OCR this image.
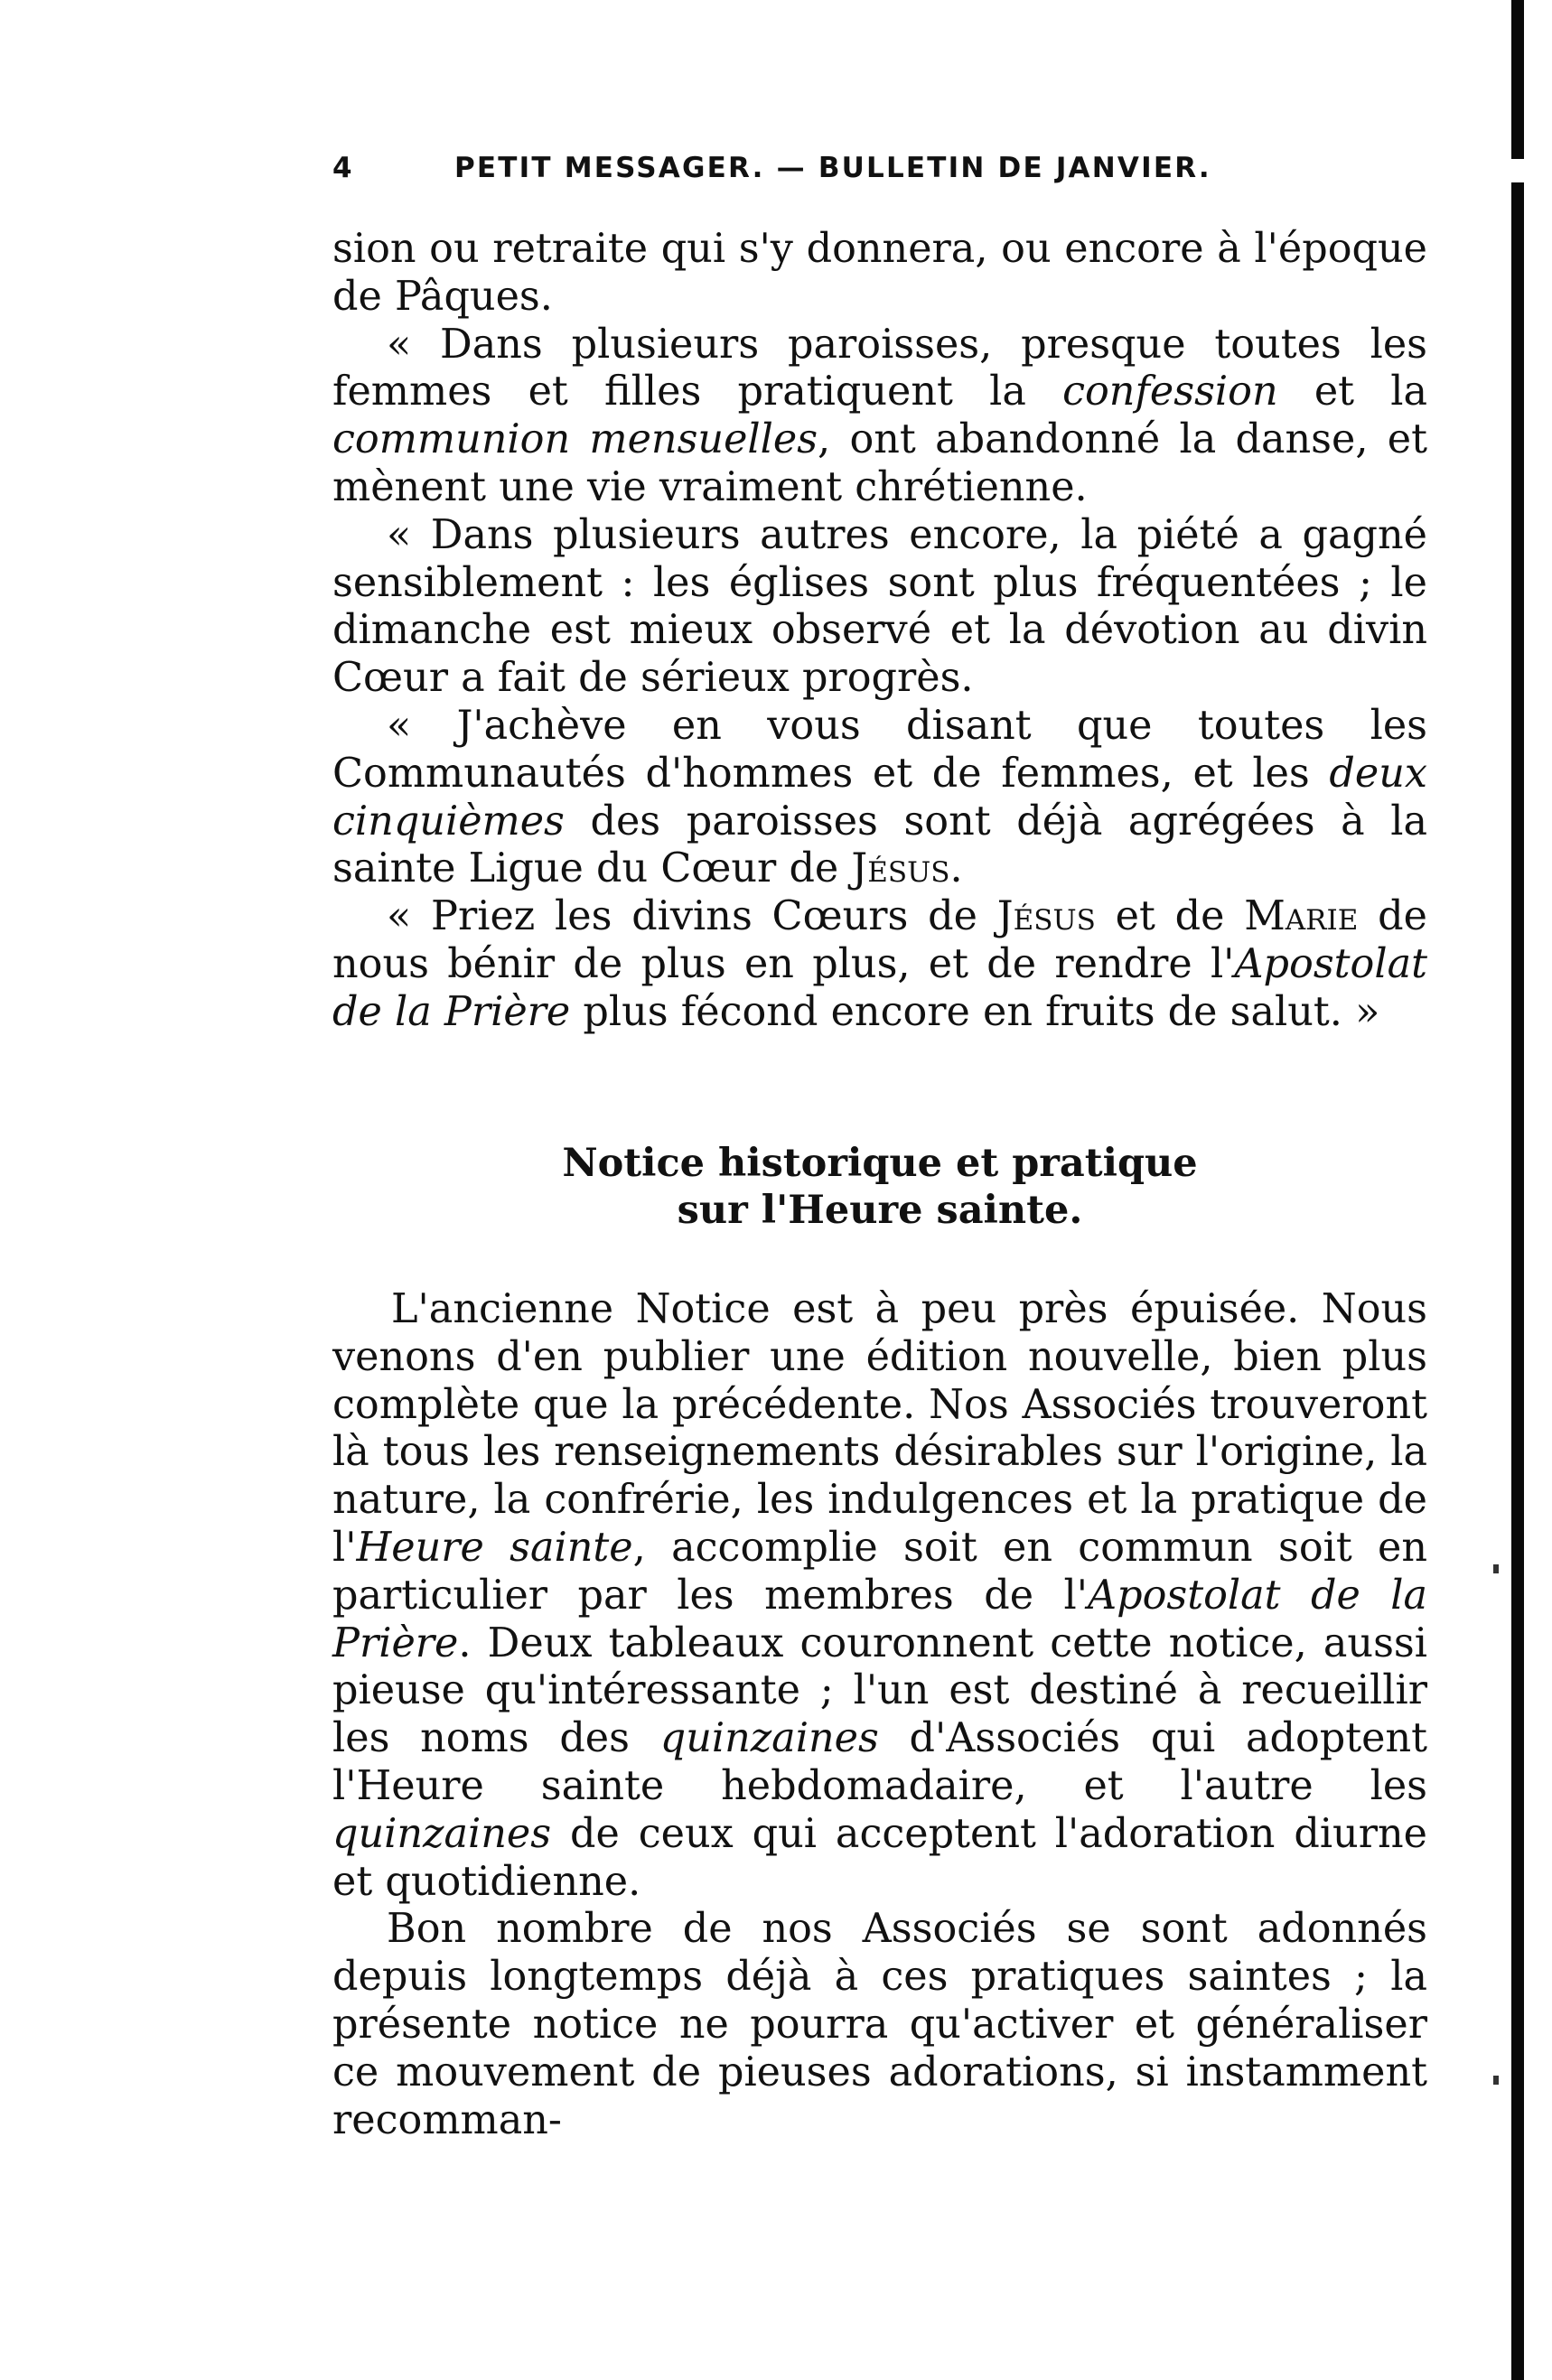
4	PETIT MESSAGER. — BULLETIN DE JANVIER.

sion ou retraite qui s'y donnera, ou encore à l'époque de Pâques.

« Dans plusieurs paroisses, presque toutes les femmes et filles pratiquent la confession et la communion mensuelles, ont abandonné la danse, et mènent une vie vraiment chrétienne.

« Dans plusieurs autres encore, la piété a gagné sensiblement : les églises sont plus fréquentées ; le dimanche est mieux observé et la dévotion au divin Cœur a fait de sérieux progrès.

« J'achève en vous disant que toutes les Communautés d'hommes et de femmes, et les deux cinquièmes des paroisses sont déjà agrégées à la sainte Ligue du Cœur de Jésus.

« Priez les divins Cœurs de Jésus et de Marie de nous bénir de plus en plus, et de rendre l'Apostolat de la Prière plus fécond encore en fruits de salut. »

Notice historique et pratique
sur l'Heure sainte.

L'ancienne Notice est à peu près épuisée. Nous venons d'en publier une édition nouvelle, bien plus complète que la précédente. Nos Associés trouveront là tous les renseignements désirables sur l'origine, la nature, la confrérie, les indulgences et la pratique de l'Heure sainte, accomplie soit en commun soit en particulier par les membres de l'Apostolat de la Prière. Deux tableaux couronnent cette notice, aussi pieuse qu'intéressante ; l'un est destiné à recueillir les noms des quinzaines d'Associés qui adoptent l'Heure sainte hebdomadaire, et l'autre les quinzaines de ceux qui acceptent l'adoration diurne et quotidienne.

Bon nombre de nos Associés se sont adonnés depuis longtemps déjà à ces pratiques saintes ; la présente notice ne pourra qu'activer et généraliser ce mouvement de pieuses adorations, si instamment recomman-
